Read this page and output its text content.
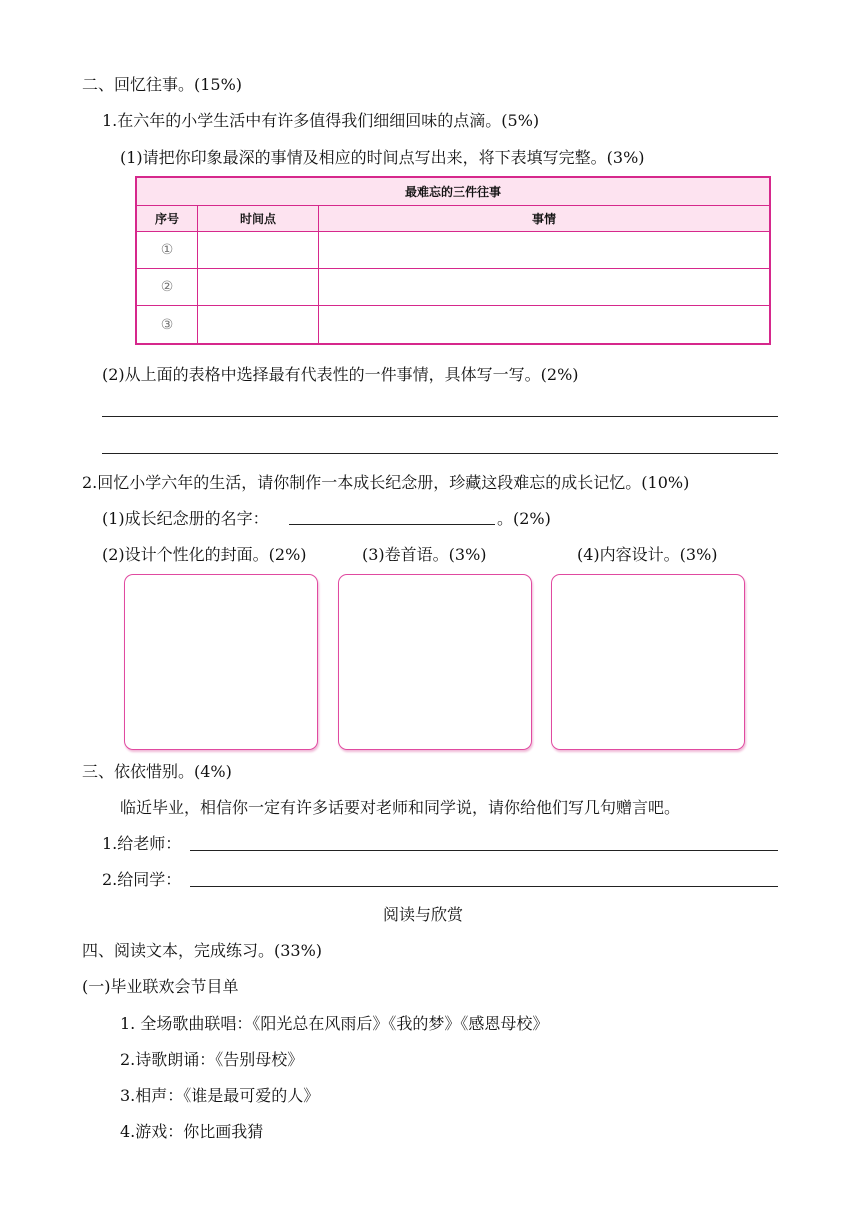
二、回忆往事。(15%)
1.在六年的小学生活中有许多值得我们细细回味的点滴。(5%)
(1)请把你印象最深的事情及相应的时间点写出来，将下表填写完整。(3%)
最难忘的三件往事		
序号	时间点	事情
①		
②		
③		
(2)从上面的表格中选择最有代表性的一件事情，具体写一写。(2%)
2.回忆小学六年的生活，请你制作一本成长纪念册，珍藏这段难忘的成长记忆。(10%)
(1)成长纪念册的名字：	。(2%)
(2)设计个性化的封面。(2%)	(3)卷首语。(3%)	(4)内容设计。(3%)
三、依依惜别。(4%)
临近毕业，相信你一定有许多话要对老师和同学说，请你给他们写几句赠言吧。
1.给老师：
2.给同学：
阅读与欣赏
四、阅读文本，完成练习。(33%)
(一)毕业联欢会节目单
1. 全场歌曲联唱：《阳光总在风雨后》《我的梦》《感恩母校》
2.诗歌朗诵：《告别母校》
3.相声：《谁是最可爱的人》
4.游戏：你比画我猜
